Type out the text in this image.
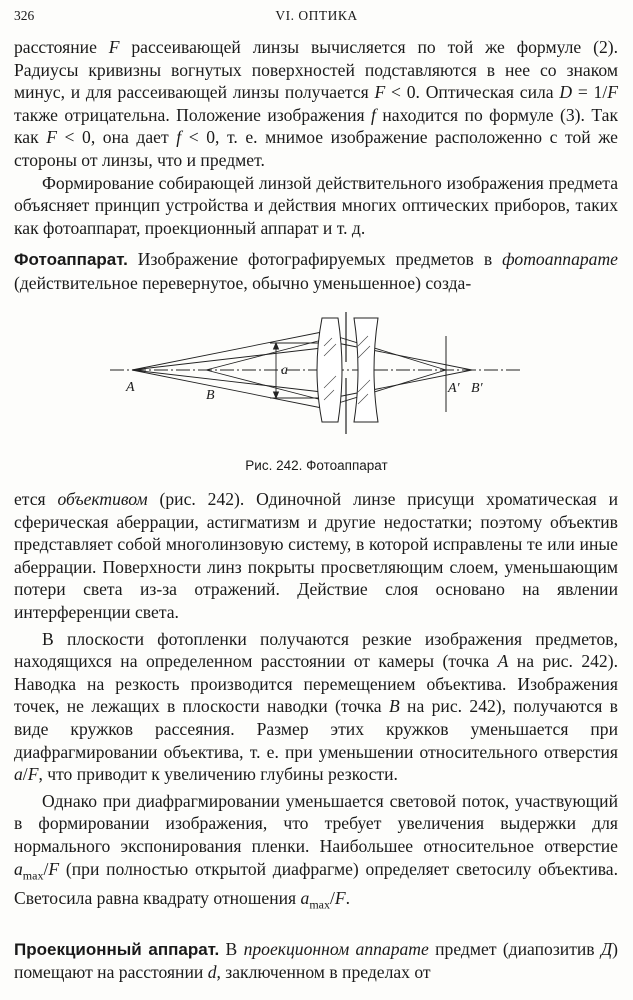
326	VI. ОПТИКА

расстояние F рассеивающей линзы вычисляется по той же формуле (2). Радиусы кривизны вогнутых поверхностей подставляются в нее со знаком минус, и для рассеивающей линзы получается F < 0. Оптическая сила D = 1/F также отрицательна. Положение изображения f находится по формуле (3). Так как F < 0, она дает f < 0, т. е. мнимое изображение расположенно с той же стороны от линзы, что и предмет.

Формирование собирающей линзой действительного изображения предмета объясняет принцип устройства и действия многих оптических приборов, таких как фотоаппарат, проекционный аппарат и т. д.

Фотоаппарат. Изображение фотографируемых предметов в фотоаппарате (действительное перевернутое, обычно уменьшенное) созда-

A
B
a
A′ B′
Рис. 242. Фотоаппарат

ется объективом (рис. 242). Одиночной линзе присущи хроматическая и сферическая аберрации, астигматизм и другие недостатки; поэтому объектив представляет собой многолинзовую систему, в которой исправлены те или иные аберрации. Поверхности линз покрыты просветляющим слоем, уменьшающим потери света из-за отражений. Действие слоя основано на явлении интерференции света.

В плоскости фотопленки получаются резкие изображения предметов, находящихся на определенном расстоянии от камеры (точка A на рис. 242). Наводка на резкость производится перемещением объектива. Изображения точек, не лежащих в плоскости наводки (точка B на рис. 242), получаются в виде кружков рассеяния. Размер этих кружков уменьшается при диафрагмировании объектива, т. е. при уменьшении относительного отверстия a/F, что приводит к увеличению глубины резкости.

Однако при диафрагмировании уменьшается световой поток, участвующий в формировании изображения, что требует увеличения выдержки для нормального экспонирования пленки. Наибольшее относительное отверстие $a_{max}/F$ (при полностью открытой диафрагме) определяет светосилу объектива. Светосила равна квадрату отношения $a_{max}/F$.

Проекционный аппарат. В проекционном аппарате предмет (диапозитив Д) помещают на расстоянии d, заключенном в пределах от
